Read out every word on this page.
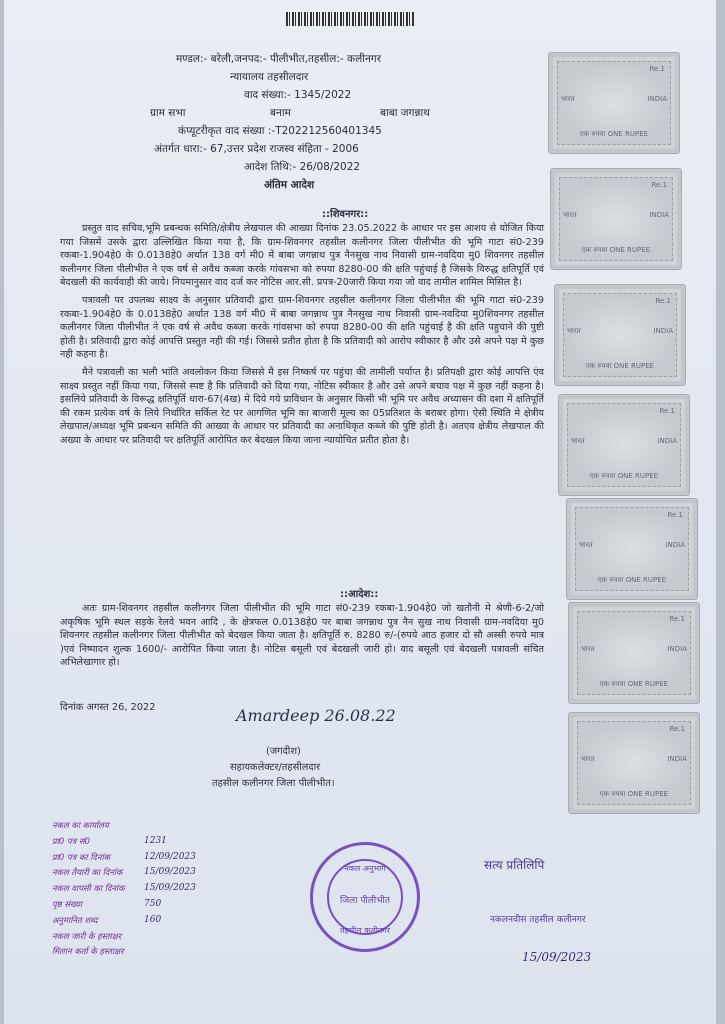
मण्डल:- बरेली,जनपद:- पीलीभीत,तहसील:- कलीनगर
न्यायालय तहसीलदार
वाद संख्या:- 1345/2022
ग्राम सभा	बनाम	बाबा जगन्नाथ
कंप्यूटरीकृत वाद संख्या :-T202212560401345
अंतर्गत धारा:- 67,उत्तर प्रदेश राजस्व संहिता - 2006
आदेश तिथि:- 26/08/2022
अंतिम आदेश
::शिवनगर::

प्रस्तुत वाद सचिव,भूमि प्रबन्धक समिति/क्षेत्रीय लेखपाल की आख्या दिनांक 23.05.2022 के आधार पर इस आशय से योजित किया गया जिसमें उसके द्वारा उल्लिखित किया गया है, कि ग्राम-शिवनगर तहसील कलीनगर जिला पीलीभीत की भूमि गाटा सं0-239 रकबा-1.904हे0 के 0.0138हे0 अर्थात 138 वर्ग मी0 में बाबा जगन्नाथ पुत्र नैनसुख नाथ निवासी ग्राम-नवदिया मु0 शिवनगर तहसील कलीनगर जिला पीलीभीत ने एक वर्ष से अवैध कब्जा करके गांवसभा को रुपया 8280-00 की क्षति पहुंचाई है जिसके विरुद्ध क्षतिपूर्ति एवं बेदखली की कार्यवाही की जाये। नियमानुसार वाद दर्ज कर नोटिस आर.सी. प्रपत्र-20जारी किया गया जो वाद तामील शामिल मिसिल है।

पत्रावली पर उपलब्ध साक्ष्य के अनुसार प्रतिवादी द्वारा ग्राम-शिवनगर तहसील कलीनगर जिला पीलीभीत की भूमि गाटा सं0-239 रकबा-1.904हे0 के 0.0138हे0 अर्थात 138 वर्ग मी0 में बाबा जगन्नाथ पुत्र नैनसुख नाथ निवासी ग्राम-नवदिया मु0शिवनगर तहसील कलीनगर जिला पीलीभीत ने एक वर्ष से अवैध कब्जा करके गांवसभा को रुपया 8280-00 की क्षति पहुंचाई है की क्षति पहुचाने की पुष्टी होती है। प्रतिवादी द्वारा कोई आपत्ति प्रस्तुत नही की गई। जिससे प्रतीत होता है कि प्रतिवादी को आरोप स्वीकार है और उसे अपने पक्ष मे कुछ नही कहना है।

मैने पत्रावली का भली भांति अवलोकन किया जिससे मै इस निष्कर्ष पर पहुंचा की तामीली पर्याप्त है। प्रतिपक्षी द्वारा कोई आपत्ति एंव साक्ष्य प्रस्तुत नहीं किया गया, जिससे स्पष्ट है कि प्रतिवादी को दिया गया, नोटिस स्वीकार है और उसे अपने बचाव पक्ष में कुछ नहीं कहना है। इसलिये प्रतिवादी के विरूद्ध क्षतिपूर्ति धारा-67(4ख) मे दिये गये प्राविधान के अनुसार किसी भी भूमि पर अवैध अध्यासन की दशा में क्षतिपूर्ति की रकम प्रत्येक वर्ष के लिये निर्धारित सर्किल रेट पर आगणित भूमि का बाजारी मूल्य का 05प्रतिशत के बराबर होगा। ऐसी स्थिति मे क्षेत्रीय लेखपाल/अध्यक्ष भूमि प्रबन्धन समिति की आख्या के आधार पर प्रतिवादी का अनाधिकृत कब्जे की पुष्टि होती है। अतएव क्षेत्रीय लेखपाल की अख्या के आधार पर प्रतिवादी पर क्षतिपूर्ति आरोपित कर बेदखल किया जाना न्यायोचित प्रतीत होता है।

::आदेश::

अतः ग्राम-शिवनगर तहसील कलीनगर जिला पीलीभीत की भूमि गाटा सं0-239 रकबा-1.904हे0 जो खतौनी मे श्रेणी-6-2/जो अकृषिक भूमि स्थल सड़के रेलवे भवन आदि , के क्षेत्रफल 0.0138हे0 पर बाबा जगन्नाथ पुत्र नैन सुख नाथ निवासी ग्राम-नवदिया मु0 शिवनगर तहसील कलीनगर जिला पीलीभीत को बेदखल किया जाता है। क्षतिपूर्ति रु. 8280 रु/-(रुपये आठ हजार दो सौ अस्सी रुपये मात्र )एवं निष्पादन शुल्क 1600/- आरोपित किया जाता है। नोटिस बसूली एवं बेदखली जारी हो। वाद बसूली एवं बेदखली पत्रावली संचित अभिलेखागार हो।

दिनांक अगस्त 26, 2022	Amardeep 26.08.22
(जगदीश)
सहायकलेक्टर/तहसीलदार
तहसील कलीनगर जिला पीलीभीत।
Re.1
भारत	INDIA
एक रुपया ONE RUPEE
Re.1
भारत	INDIA
एक रुपया ONE RUPEE
Re.1
भारत	INDIA
एक रुपया ONE RUPEE
Re.1
भारत	INDIA
एक रुपया ONE RUPEE
Re.1
भारत	INDIA
एक रुपया ONE RUPEE
Re.1
भारत	INDIA
एक रुपया ONE RUPEE
Re.1
भारत	INDIA
एक रुपया ONE RUPEE
नकल का कार्यालय
प्रा0 पत्र सं0	1231
प्रा0 पत्र का दिनांक	12/09/2023
नकल तैयारी का दिनांक 15/09/2023
नकल वापसी का दिनांक 15/09/2023
पृष्ठ संख्या	750
अनुमानित शब्द	160
नकल जारी के हस्ताक्षर
मिलान कर्ता के हस्ताक्षर
नकल अनुभाग
जिला पीलीभीत
तहसील कलीनगर
सत्य प्रतिलिपि
नकलनवीस तहसील कलीनगर
15/09/2023
